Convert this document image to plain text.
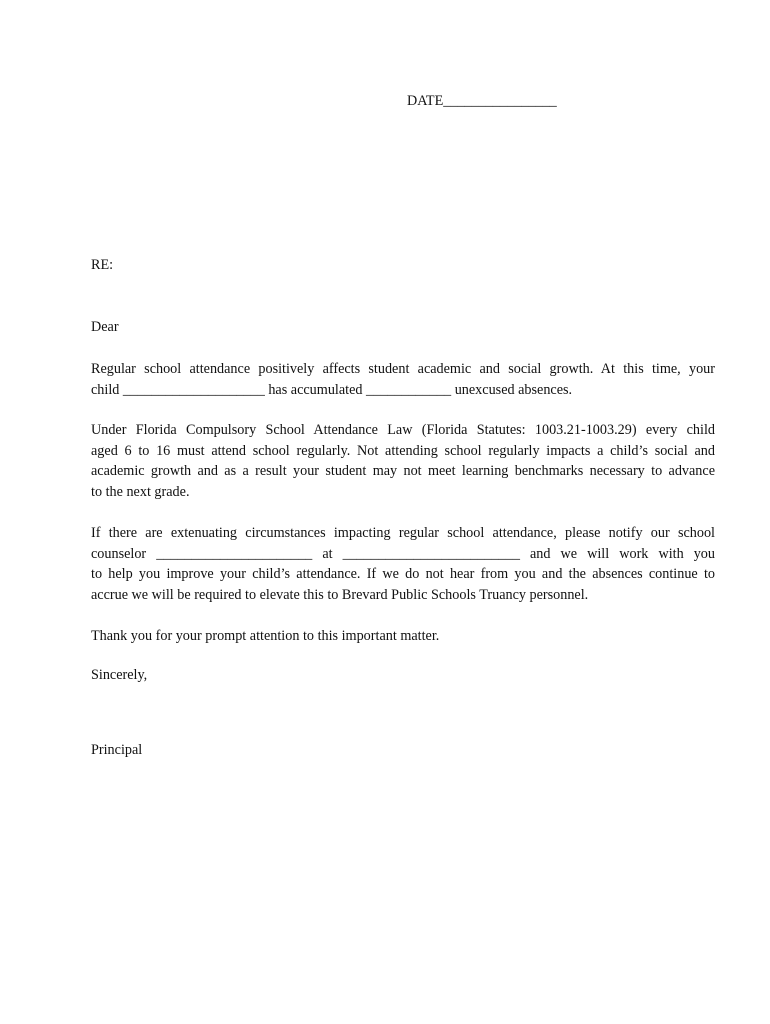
DATE________________
RE:
Dear
Regular school attendance positively affects student academic and social growth. At this time, your
child ____________________ has accumulated ____________ unexcused absences.
Under Florida Compulsory School Attendance Law (Florida Statutes: 1003.21-1003.29) every child
aged 6 to 16 must attend school regularly. Not attending school regularly impacts a child’s social and
academic growth and as a result your student may not meet learning benchmarks necessary to advance
to the next grade.
If there are extenuating circumstances impacting regular school attendance, please notify our school
counselor ______________________ at _________________________ and we will work with you
to help you improve your child’s attendance. If we do not hear from you and the absences continue to
accrue we will be required to elevate this to Brevard Public Schools Truancy personnel.
Thank you for your prompt attention to this important matter.
Sincerely,
Principal
